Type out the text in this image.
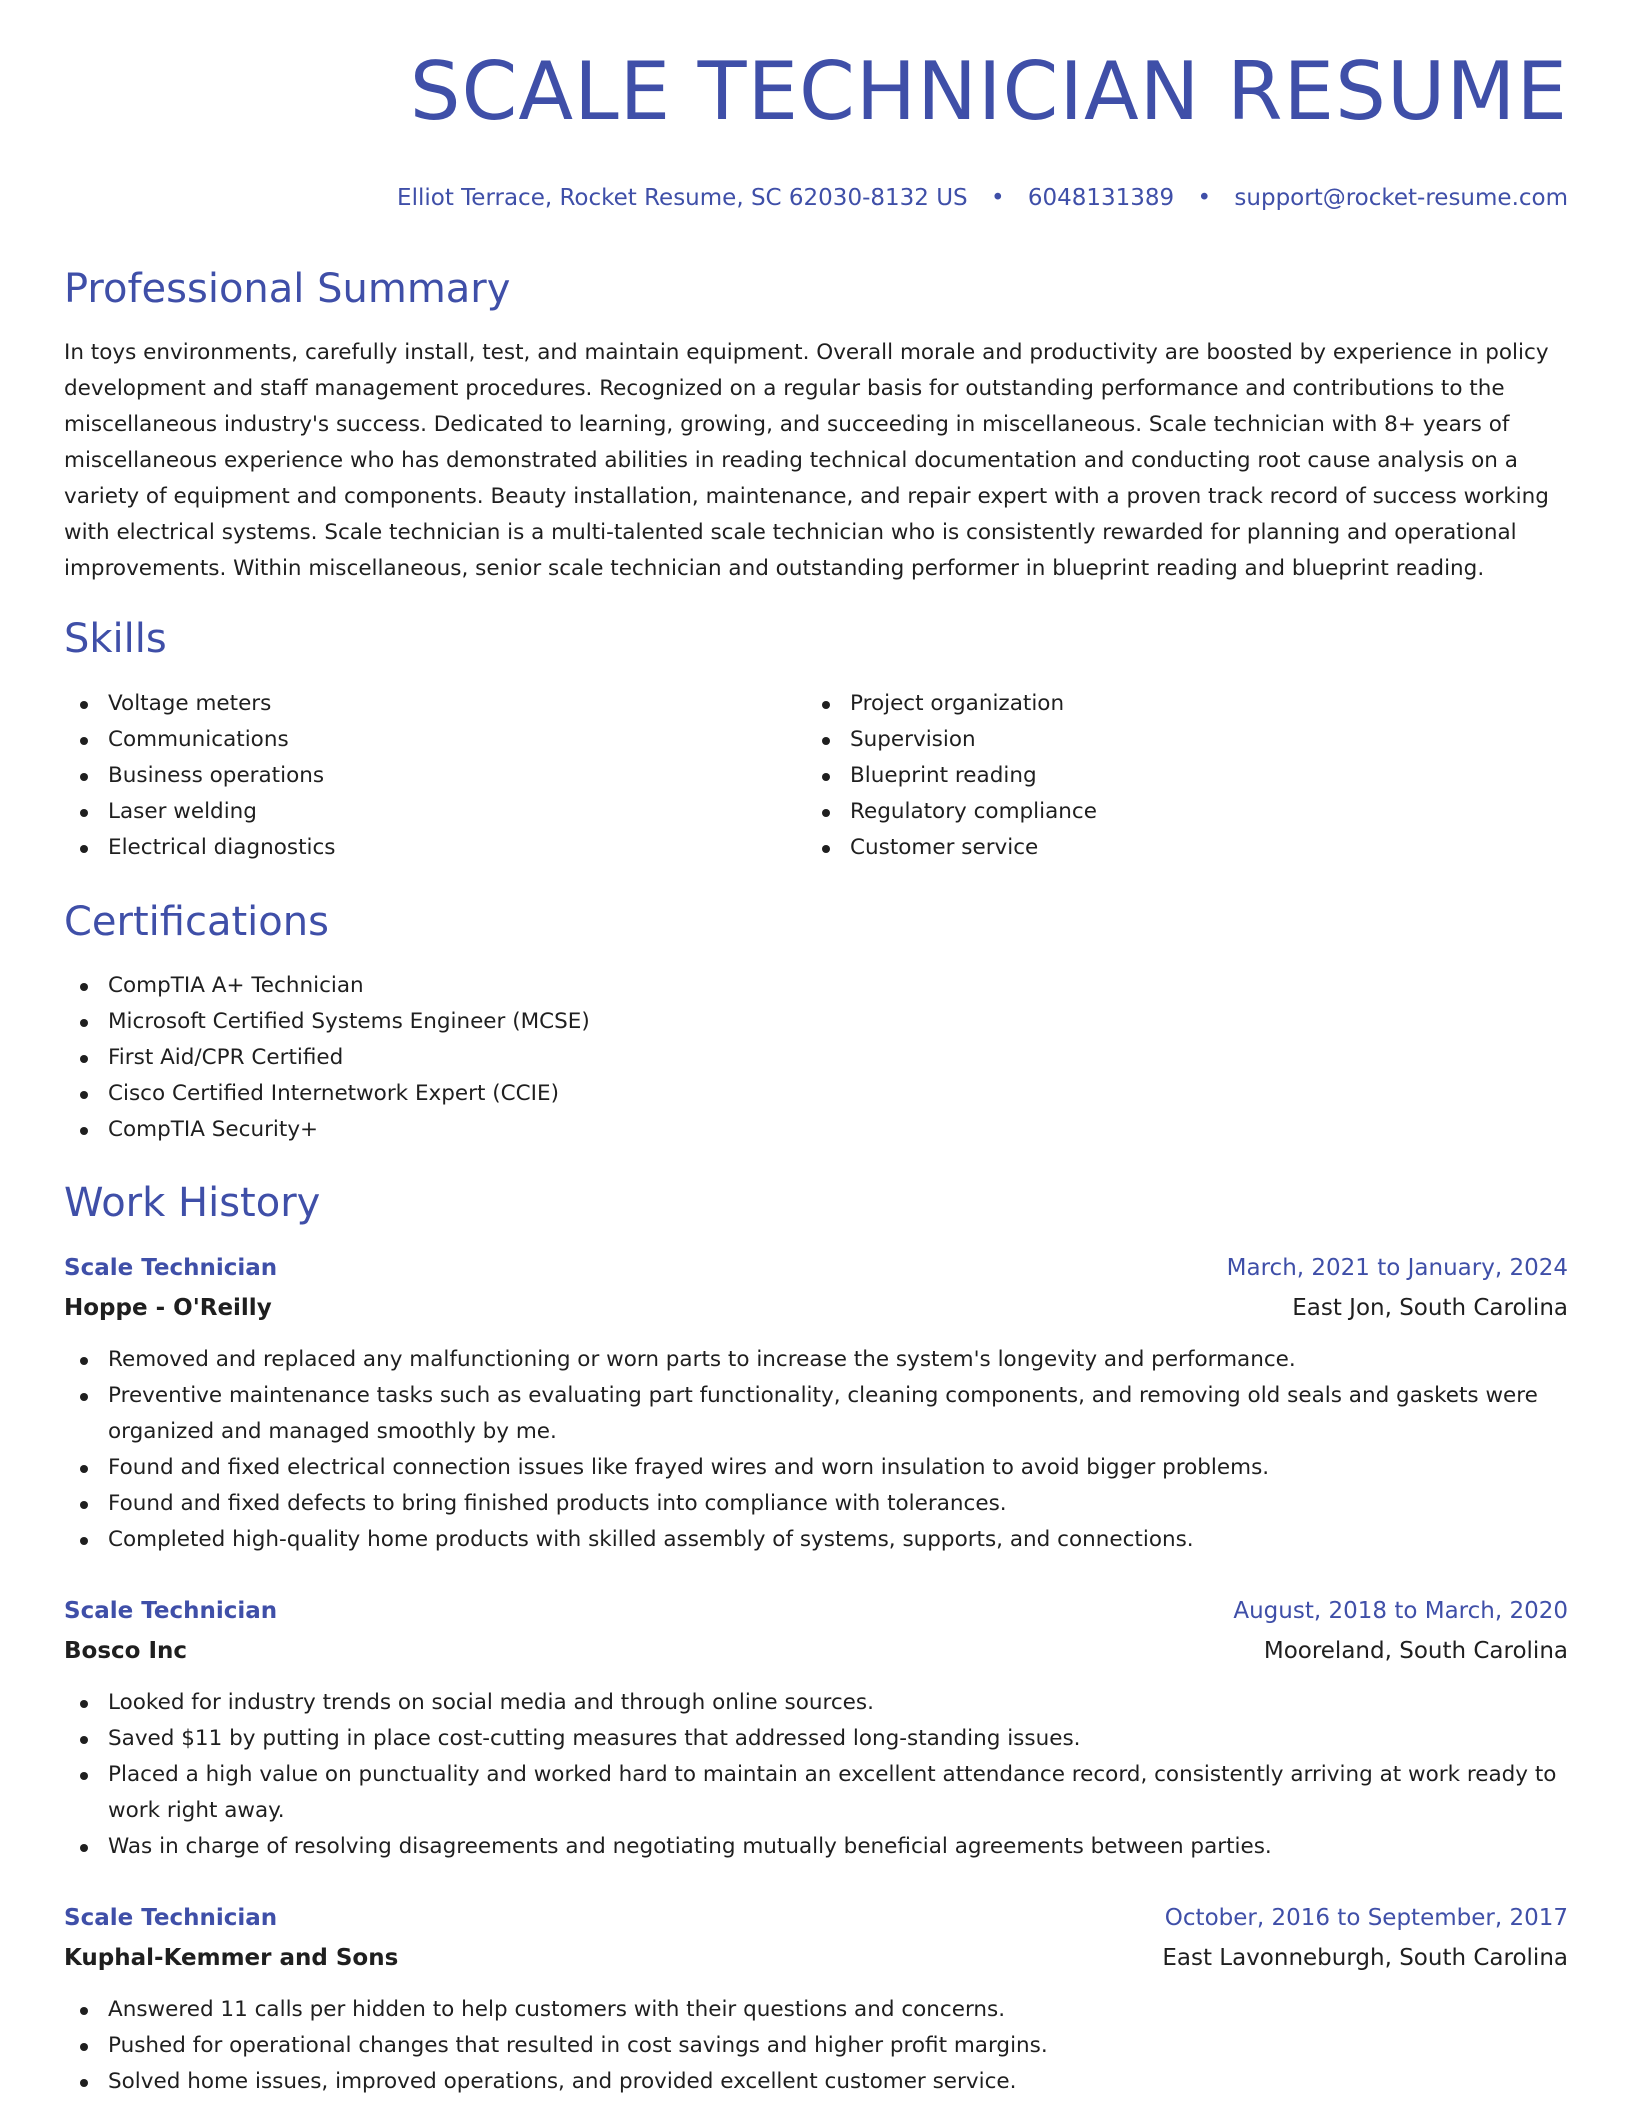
SCALE TECHNICIAN RESUME
Elliot Terrace, Rocket Resume, SC 62030-8132 US • 6048131389 • support@rocket-resume.com
Professional Summary

In toys environments, carefully install, test, and maintain equipment. Overall morale and productivity are boosted by experience in policy development and staff management procedures. Recognized on a regular basis for outstanding performance and contributions to the miscellaneous industry's success. Dedicated to learning, growing, and succeeding in miscellaneous. Scale technician with 8+ years of miscellaneous experience who has demonstrated abilities in reading technical documentation and conducting root cause analysis on a variety of equipment and components. Beauty installation, maintenance, and repair expert with a proven track record of success working with electrical systems. Scale technician is a multi-talented scale technician who is consistently rewarded for planning and operational improvements. Within miscellaneous, senior scale technician and outstanding performer in blueprint reading and blueprint reading.

Skills
Voltage meters
Communications
Business operations
Laser welding
Electrical diagnostics
Project organization
Supervision
Blueprint reading
Regulatory compliance
Customer service
Certifications
CompTIA A+ Technician
Microsoft Certified Systems Engineer (MCSE)
First Aid/CPR Certified
Cisco Certified Internetwork Expert (CCIE)
CompTIA Security+
Work History
Scale Technician	March, 2021 to January, 2024
Hoppe - O'Reilly	East Jon, South Carolina
Removed and replaced any malfunctioning or worn parts to increase the system's longevity and performance.
Preventive maintenance tasks such as evaluating part functionality, cleaning components, and removing old seals and gaskets were organized and managed smoothly by me.
Found and fixed electrical connection issues like frayed wires and worn insulation to avoid bigger problems.
Found and fixed defects to bring finished products into compliance with tolerances.
Completed high-quality home products with skilled assembly of systems, supports, and connections.
Scale Technician	August, 2018 to March, 2020
Bosco Inc	Mooreland, South Carolina
Looked for industry trends on social media and through online sources.
Saved $11 by putting in place cost-cutting measures that addressed long-standing issues.
Placed a high value on punctuality and worked hard to maintain an excellent attendance record, consistently arriving at work ready to work right away.
Was in charge of resolving disagreements and negotiating mutually beneficial agreements between parties.
Scale Technician	October, 2016 to September, 2017
Kuphal-Kemmer and Sons	East Lavonneburgh, South Carolina
Answered 11 calls per hidden to help customers with their questions and concerns.
Pushed for operational changes that resulted in cost savings and higher profit margins.
Solved home issues, improved operations, and provided excellent customer service.
